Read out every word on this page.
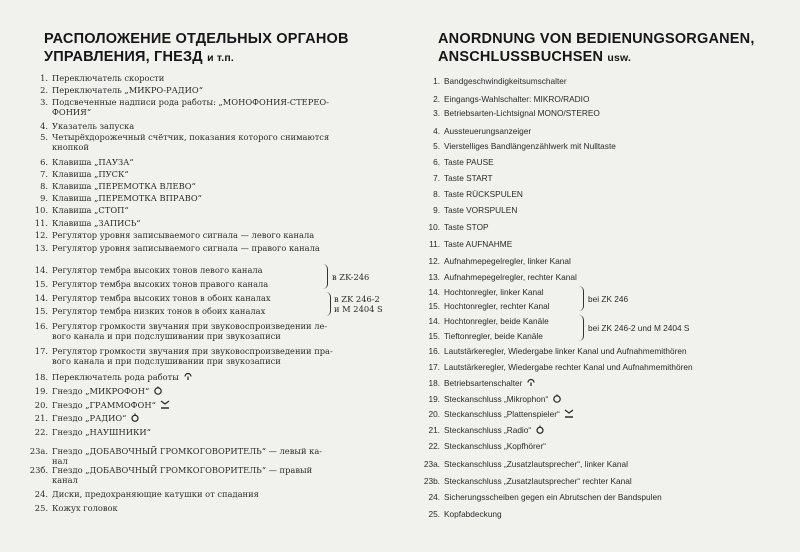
РАСПОЛОЖЕНИЕ ОТДЕЛЬНЫХ ОРГАНОВ
УПРАВЛЕНИЯ, ГНЕЗД и т.п.
1. Переключатель скорости
2. Переключатель „МИКРО-РАДИО“
3. Подсвеченные надписи рода работы: „МОНОФОНИЯ-СТЕРЕО-
ФОНИЯ“
4. Указатель запуска
5. Четырёхдорожечный счётчик, показания которого снимаются
кнопкой
6. Клавиша „ПАУЗА“
7. Клавиша „ПУСК“
8. Клавиша „ПЕРЕМОТКА ВЛЕВО“
9. Клавиша „ПЕРЕМОТКА ВПРАВО“
10. Клавиша „СТОП“
11. Клавиша „ЗАПИСЬ“
12. Регулятор уровня записываемого сигнала — левого канала
13. Регулятор уровня записываемого сигнала — правого канала
14. Регулятор тембра высоких тонов левого канала
15. Регулятор тембра высоких тонов правого канала
14. Регулятор тембра высоких тонов в обоих каналах
15. Регулятор тембра низких тонов в обоих каналах
16. Регулятор громкости звучания при звуковоспроизведении ле-
вого канала и при подслушивании при звукозаписи
17. Регулятор громкости звучания при звуковоспроизведении пра-
вого канала и при подслушивании при звукозаписи
18. Переключатель рода работы
19. Гнездо „МИКРОФОН“
20. Гнездо „ГРАММОФОН“
21. Гнездо „РАДИО“
22. Гнездо „НАУШНИКИ“
23а. Гнездо „ДОБАВОЧНЫЙ ГРОМКОГОВОРИТЕЛЬ“ — левый ка-
нал
23б. Гнездо „ДОБАВОЧНЫЙ ГРОМКОГОВОРИТЕЛЬ“ — правый
канал
24. Диски, предохраняющие катушки от спадания
25. Кожух головок
в ZK-246
в ZK 246-2
и М 2404 S
ANORDNUNG VON BEDIENUNGSORGANEN,
ANSCHLUSSBUCHSEN usw.
1. Bandgeschwindigkeitsumschalter
2. Eingangs-Wahlschalter: MIKRO/RADIO
3. Betriebsarten-Lichtsignal MONO/STEREO
4. Aussteuerungsanzeiger
5. Vierstelliges Bandlängenzählwerk mit Nulltaste
6. Taste PAUSE
7. Taste START
8. Taste RÜCKSPULEN
9. Taste VORSPULEN
10. Taste STOP
11. Taste AUFNAHME
12. Aufnahmepegelregler, linker Kanal
13. Aufnahmepegelregler, rechter Kanal
14. Hochtonregler, linker Kanal
15. Hochtonregler, rechter Kanal
14. Hochtonregler, beide Kanäle
15. Tieftonregler, beide Kanäle
16. Lautstärkeregler, Wiedergabe linker Kanal und Aufnahmemithören
17. Lautstärkeregler, Wiedergabe rechter Kanal und Aufnahmemithören
18. Betriebsartenschalter
19. Steckanschluss „Mikrophon“
20. Steckanschluss „Plattenspieler“
21. Steckanschluss „Radio“
22. Steckanschluss „Kopfhörer“
23a. Steckanschluss „Zusatzlautsprecher“, linker Kanal
23b. Steckanschluss „Zusatzlautsprecher“ rechter Kanal
24. Sicherungsscheiben gegen ein Abrutschen der Bandspulen
25. Kopfabdeckung
bei ZK 246
bei ZK 246-2 und M 2404 S
